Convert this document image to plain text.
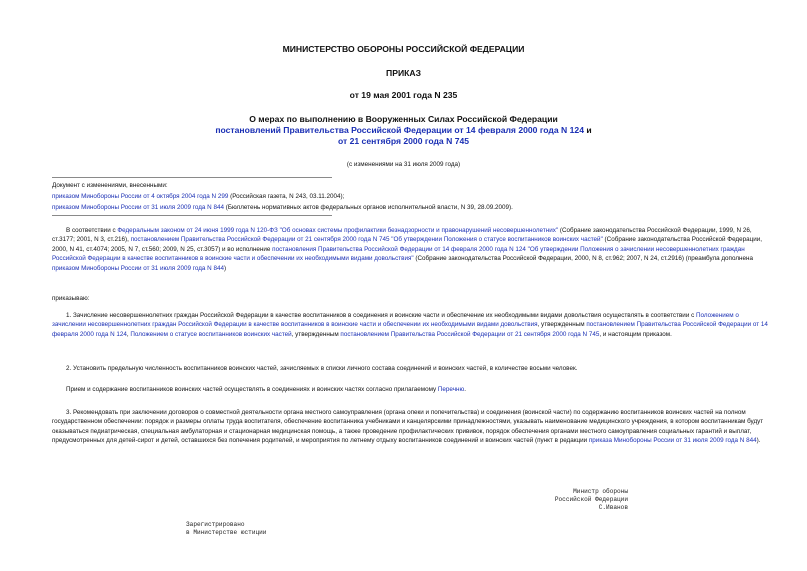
МИНИСТЕРСТВО ОБОРОНЫ РОССИЙСКОЙ ФЕДЕРАЦИИ
ПРИКАЗ
от 19 мая 2001 года N 235
О мерах по выполнению в Вооруженных Силах Российской Федерации
постановлений Правительства Российской Федерации от 14 февраля 2000 года N 124 и
от 21 сентября 2000 года N 745
(с изменениями на 31 июля 2009 года)
Документ с изменениями, внесенными:
приказом Минобороны России от 4 октября 2004 года N 299 (Российская газета, N 243, 03.11.2004);
приказом Минобороны России от 31 июля 2009 года N 844 (Бюллетень нормативных актов федеральных органов исполнительной власти, N 39, 28.09.2009).
В соответствии с Федеральным законом от 24 июня 1999 года N 120-ФЗ "Об основах системы профилактики безнадзорности и правонарушений несовершеннолетних" (Собрание законодательства Российской Федерации, 1999, N 26, ст.3177; 2001, N 3, ст.216), постановлением Правительства Российской Федерации от 21 сентября 2000 года N 745 "Об утверждении Положения о статусе воспитанников воинских частей" (Собрание законодательства Российской Федерации, 2000, N 41, ст.4074; 2005, N 7, ст.560; 2009, N 25, ст.3057) и во исполнение постановления Правительства Российской Федерации от 14 февраля 2000 года N 124 "Об утверждении Положения о зачислении несовершеннолетних граждан Российской Федерации в качестве воспитанников в воинские части и обеспечении их необходимыми видами довольствия" (Собрание законодательства Российской Федерации, 2000, N 8, ст.962; 2007, N 24, ст.2916) (преамбула дополнена приказом Минобороны России от 31 июля 2009 года N 844)
приказываю:
1. Зачисление несовершеннолетних граждан Российской Федерации в качестве воспитанников в соединения и воинские части и обеспечение их необходимыми видами довольствия осуществлять в соответствии с Положением о зачислении несовершеннолетних граждан Российской Федерации в качестве воспитанников в воинские части и обеспечении их необходимыми видами довольствия, утвержденным постановлением Правительства Российской Федерации от 14 февраля 2000 года N 124, Положением о статусе воспитанников воинских частей, утвержденным постановлением Правительства Российской Федерации от 21 сентября 2000 года N 745, и настоящим приказом.
2. Установить предельную численность воспитанников воинских частей, зачисляемых в списки личного состава соединений и воинских частей, в количестве восьми человек.
Прием и содержание воспитанников воинских частей осуществлять в соединениях и воинских частях согласно прилагаемому Перечню.
3. Рекомендовать при заключении договоров о совместной деятельности органа местного самоуправления (органа опеки и попечительства) и соединения (воинской части) по содержанию воспитанников воинских частей на полном государственном обеспечении: порядок и размеры оплаты труда воспитателя, обеспечение воспитанника учебниками и канцелярскими принадлежностями, указывать наименование медицинского учреждения, в котором воспитанникам будут оказываться педиатрическая, специальная амбулаторная и стационарная медицинская помощь, а также проведение профилактических прививок, порядок обеспечения органами местного самоуправления социальных гарантий и выплат, предусмотренных для детей-сирот и детей, оставшихся без попечения родителей, и мероприятия по летнему отдыху воспитанников соединений и воинских частей (пункт в редакции приказа Минобороны России от 31 июля 2009 года N 844).
Министр обороны
Российской Федерации
С.Иванов
Зарегистрировано
в Министерстве юстиции
